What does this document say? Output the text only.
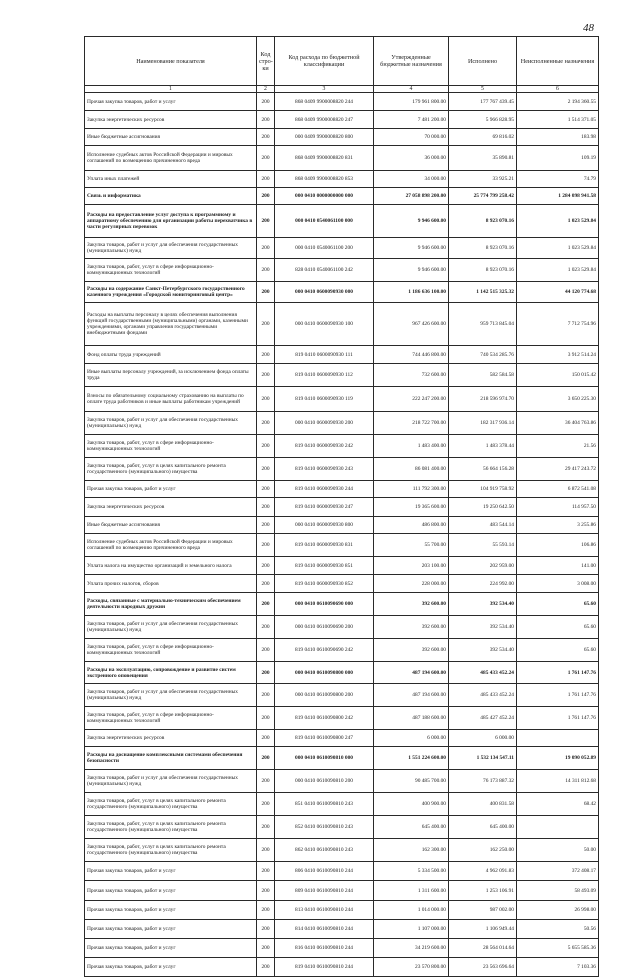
48
Наименование показателя	Код стро- ки	Код расхода по бюджетной классификации	Утвержденные бюджетные назначения	Исполнено	Неисполненные назначения
1	2	3	4	5	6
Прочая закупка товаров, работ и услуг	200	868 0409 9900008820 244	179 961 800.00	177 767 439.45	2 194 360.55
Закупка энергетических ресурсов	200	868 0409 9900008820 247	7 481 200.00	5 966 828.95	1 514 371.05
Иные бюджетные ассигнования	200	000 0409 9900008820 800	70 000.00	69 816.02	183.98
Исполнение судебных актов Российской Федерации и мировых соглашений по возмещению причиненного вреда	200	868 0409 9900008820 831	36 000.00	35 890.81	109.19
Уплата иных платежей	200	868 0409 9900008820 853	34 000.00	33 925.21	74.79
Связь и информатика	200	000 0410 0000000000 000	27 058 898 200.00	25 774 799 258.42	1 284 098 941.58
Расходы на предоставление услуг доступа к программному и аппаратному обеспечению для организации работы перехватчика в части регулярных перевозок	200	000 0410 0540061100 000	9 946 600.00	8 923 070.16	1 023 529.84
Закупка товаров, работ и услуг для обеспечения государственных (муниципальных) нужд	200	000 0410 0540061100 200	9 946 600.00	8 923 070.16	1 023 529.84
Закупка товаров, работ, услуг в сфере информационно-коммуникационных технологий	200	828 0410 0540061100 242	9 946 600.00	8 923 070.16	1 023 529.84
Расходы на содержание Санкт-Петербургского государственного казенного учреждения «Городской мониторинговый центр»	200	000 0410 0600090930 000	1 186 636 100.00	1 142 515 325.32	44 120 774.68
Расходы на выплаты персоналу в целях обеспечения выполнения функций государственными (муниципальными) органами, казенными учреждениями, органами управления государственными внебюджетными фондами	200	000 0410 0600090930 100	967 426 600.00	959 713 845.04	7 712 754.96
Фонд оплаты труда учреждений	200	819 0410 0600090930 111	744 446 800.00	740 534 285.76	3 912 514.24
Иные выплаты персоналу учреждений, за исключением фонда оплаты труда	200	819 0410 0600090930 112	732 600.00	582 584.58	150 015.42
Взносы по обязательному социальному страхованию на выплаты по оплате труда работников и иные выплаты работникам учреждений	200	819 0410 0600090930 119	222 247 200.00	218 596 974.70	3 650 225.30
Закупка товаров, работ и услуг для обеспечения государственных (муниципальных) нужд	200	000 0410 0600090930 200	218 722 700.00	182 317 936.14	36 404 763.86
Закупка товаров, работ, услуг в сфере информационно-коммуникационных технологий	200	819 0410 0600090930 242	1 483 400.00	1 483 378.44	21.56
Закупка товаров, работ, услуг в целях капитального ремонта государственного (муниципального) имущества	200	819 0410 0600090930 243	86 081 400.00	56 664 156.28	29 417 243.72
Прочая закупка товаров, работ и услуг	200	819 0410 0600090930 244	111 792 300.00	104 919 758.92	6 872 541.08
Закупка энергетических ресурсов	200	819 0410 0600090930 247	19 365 600.00	19 250 642.50	114 957.50
Иные бюджетные ассигнования	200	000 0410 0600090930 800	486 800.00	483 544.14	3 255.86
Исполнение судебных актов Российской Федерации и мировых соглашений по возмещению причиненного вреда	200	819 0410 0600090930 831	55 700.00	55 593.14	106.86
Уплата налога на имущество организаций и земельного налога	200	819 0410 0600090930 851	203 100.00	202 959.00	141.00
Уплата прочих налогов, сборов	200	819 0410 0600090930 852	228 000.00	224 992.00	3 008.00
Расходы, связанные с материально-техническим обеспечением деятельности народных дружин	200	000 0410 0610090690 000	392 600.00	392 534.40	65.60
Закупка товаров, работ и услуг для обеспечения государственных (муниципальных) нужд	200	000 0410 0610090690 200	392 600.00	392 534.40	65.60
Закупка товаров, работ, услуг в сфере информационно-коммуникационных технологий	200	819 0410 0610090690 242	392 600.00	392 534.40	65.60
Расходы на эксплуатацию, сопровождение и развитие систем экстренного оповещения	200	000 0410 0610090800 000	487 194 600.00	485 433 452.24	1 761 147.76
Закупка товаров, работ и услуг для обеспечения государственных (муниципальных) нужд	200	000 0410 0610090800 200	487 194 600.00	485 433 452.24	1 761 147.76
Закупка товаров, работ, услуг в сфере информационно-коммуникационных технологий	200	819 0410 0610090800 242	487 188 600.00	485 427 452.24	1 761 147.76
Закупка энергетических ресурсов	200	819 0410 0610090800 247	6 000.00	6 000.00	
Расходы на доснащение комплексными системами обеспечения безопасности	200	000 0410 0610090810 000	1 551 224 600.00	1 532 134 547.11	19 090 052.89
Закупка товаров, работ и услуг для обеспечения государственных (муниципальных) нужд	200	000 0410 0610090810 200	90 485 700.00	76 173 887.32	14 311 812.68
Закупка товаров, работ, услуг в целях капитального ремонта государственного (муниципального) имущества	200	851 0410 0610090810 243	400 900.00	400 831.58	68.42
Закупка товаров, работ, услуг в целях капитального ремонта государственного (муниципального) имущества	200	852 0410 0610090810 243	645 400.00	645 400.00	
Закупка товаров, работ, услуг в целях капитального ремонта государственного (муниципального) имущества	200	862 0410 0610090810 243	162 300.00	162 250.00	50.00
Прочая закупка товаров, работ и услуг	200	806 0410 0610090810 244	5 334 500.00	4 962 091.83	372 408.17
Прочая закупка товаров, работ и услуг	200	809 0410 0610090810 244	1 311 600.00	1 253 106.91	58 493.09
Прочая закупка товаров, работ и услуг	200	813 0410 0610090810 244	1 014 000.00	987 002.00	26 998.00
Прочая закупка товаров, работ и услуг	200	814 0410 0610090810 244	1 107 000.00	1 106 949.44	50.56
Прочая закупка товаров, работ и услуг	200	816 0410 0610090810 244	34 219 600.00	28 564 014.64	5 655 585.36
Прочая закупка товаров, работ и услуг	200	819 0410 0610090810 244	23 570 800.00	23 563 696.64	7 103.36
